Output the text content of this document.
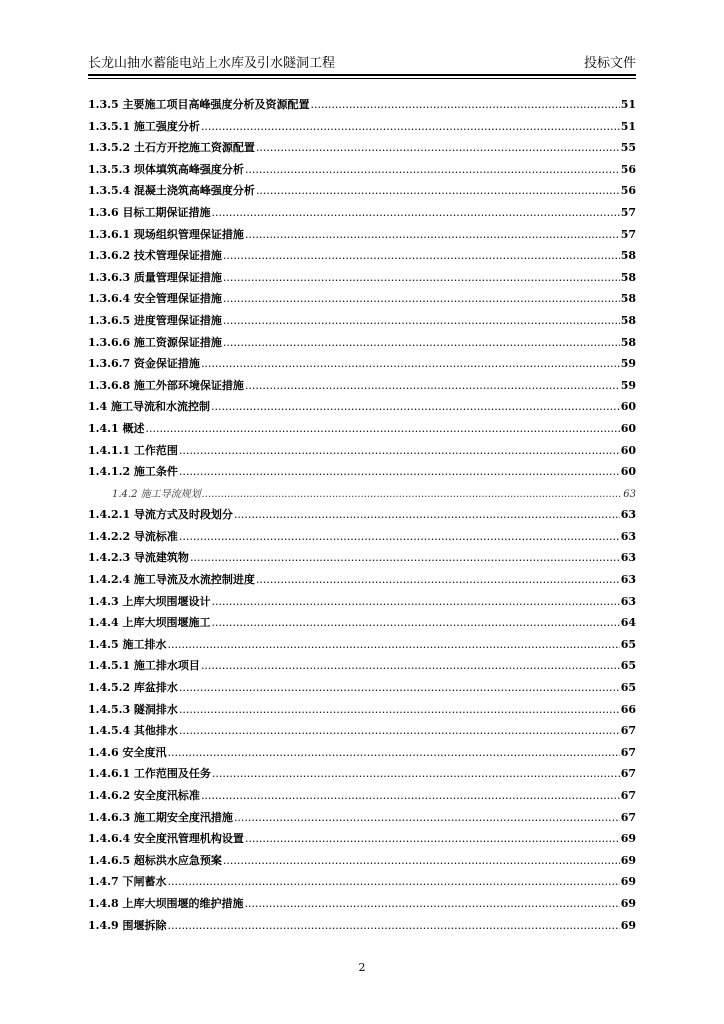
长龙山抽水蓄能电站上水库及引水隧洞工程	投标文件
1.3.5 主要施工项目高峰强度分析及资源配置 .....	51
1.3.5.1 施工强度分析 .....	51
1.3.5.2 土石方开挖施工资源配置 .....	55
1.3.5.3 坝体填筑高峰强度分析 .....	56
1.3.5.4 混凝土浇筑高峰强度分析 .....	56
1.3.6 目标工期保证措施 .....	57
1.3.6.1 现场组织管理保证措施 .....	57
1.3.6.2 技术管理保证措施 .....	58
1.3.6.3 质量管理保证措施 .....	58
1.3.6.4 安全管理保证措施 .....	58
1.3.6.5 进度管理保证措施 .....	58
1.3.6.6 施工资源保证措施 .....	58
1.3.6.7 资金保证措施 .....	59
1.3.6.8 施工外部环境保证措施 .....	59
1.4 施工导流和水流控制 .....	60
1.4.1 概述 .....	60
1.4.1.1 工作范围 .....	60
1.4.1.2 施工条件 .....	60
1.4.2 施工导流规划 .....	63
1.4.2.1 导流方式及时段划分 .....	63
1.4.2.2 导流标准 .....	63
1.4.2.3 导流建筑物 .....	63
1.4.2.4 施工导流及水流控制进度 .....	63
1.4.3 上库大坝围堰设计 .....	63
1.4.4 上库大坝围堰施工 .....	64
1.4.5 施工排水 .....	65
1.4.5.1 施工排水项目 .....	65
1.4.5.2 库盆排水 .....	65
1.4.5.3 隧洞排水 .....	66
1.4.5.4 其他排水 .....	67
1.4.6 安全度汛 .....	67
1.4.6.1 工作范围及任务 .....	67
1.4.6.2 安全度汛标准 .....	67
1.4.6.3 施工期安全度汛措施 .....	67
1.4.6.4 安全度汛管理机构设置 .....	69
1.4.6.5 超标洪水应急预案 .....	69
1.4.7 下闸蓄水 .....	69
1.4.8 上库大坝围堰的维护措施 .....	69
1.4.9 围堰拆除 .....	69
2
